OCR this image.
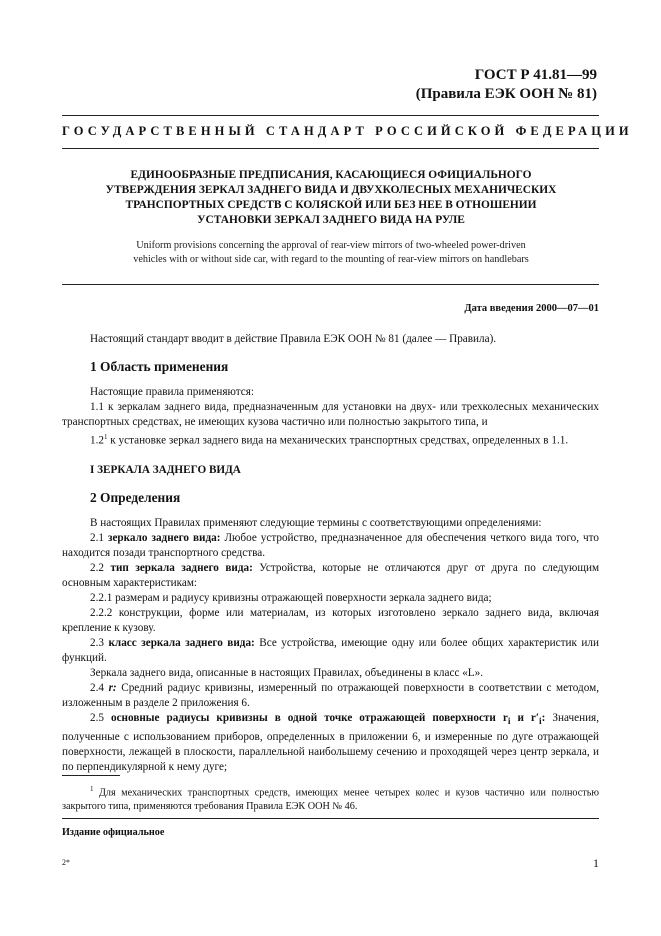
ГОСТ Р 41.81—99
(Правила ЕЭК ООН № 81)
ГОСУДАРСТВЕННЫЙ СТАНДАРТ РОССИЙСКОЙ ФЕДЕРАЦИИ
ЕДИНООБРАЗНЫЕ ПРЕДПИСАНИЯ, КАСАЮЩИЕСЯ ОФИЦИАЛЬНОГО
УТВЕРЖДЕНИЯ ЗЕРКАЛ ЗАДНЕГО ВИДА И ДВУХКОЛЕСНЫХ МЕХАНИЧЕСКИХ
ТРАНСПОРТНЫХ СРЕДСТВ С КОЛЯСКОЙ ИЛИ БЕЗ НЕЕ В ОТНОШЕНИИ
УСТАНОВКИ ЗЕРКАЛ ЗАДНЕГО ВИДА НА РУЛЕ
Uniform provisions concerning the approval of rear-view mirrors of two-wheeled power-driven
vehicles with or without side car, with regard to the mounting of rear-view mirrors on handlebars
Дата введения 2000—07—01

Настоящий стандарт вводит в действие Правила ЕЭК ООН № 81 (далее — Правила).

1 Область применения

Настоящие правила применяются:

1.1 к зеркалам заднего вида, предназначенным для установки на двух- или трехколесных механических транспортных средствах, не имеющих кузова частично или полностью закрытого типа, и

$1.2^1$ к установке зеркал заднего вида на механических транспортных средствах, определенных в 1.1.

I ЗЕРКАЛА ЗАДНЕГО ВИДА
2 Определения

В настоящих Правилах применяют следующие термины с соответствующими определениями:

2.1 зеркало заднего вида: Любое устройство, предназначенное для обеспечения четкого вида того, что находится позади транспортного средства.

2.2 тип зеркала заднего вида: Устройства, которые не отличаются друг от друга по следующим основным характеристикам:

2.2.1 размерам и радиусу кривизны отражающей поверхности зеркала заднего вида;

2.2.2 конструкции, форме или материалам, из которых изготовлено зеркало заднего вида, включая крепление к кузову.

2.3 класс зеркала заднего вида: Все устройства, имеющие одну или более общих характеристик или функций.

Зеркала заднего вида, описанные в настоящих Правилах, объединены в класс «L».

2.4 r: Средний радиус кривизны, измеренный по отражающей поверхности в соответствии с методом, изложенным в разделе 2 приложения 6.

2.5 основные радиусы кривизны в одной точке отражающей поверхности $r_i$ и $r'_i$: Значения, полученные с использованием приборов, определенных в приложении 6, и измеренные по дуге отражающей поверхности, лежащей в плоскости, параллельной наибольшему сечению и проходящей через центр зеркала, и по перпендикулярной к нему дуге;

$^1$ Для механических транспортных средств, имеющих менее четырех колес и кузов частично или полностью закрытого типа, применяются требования Правила ЕЭК ООН № 46.

Издание официальное
2*	1
